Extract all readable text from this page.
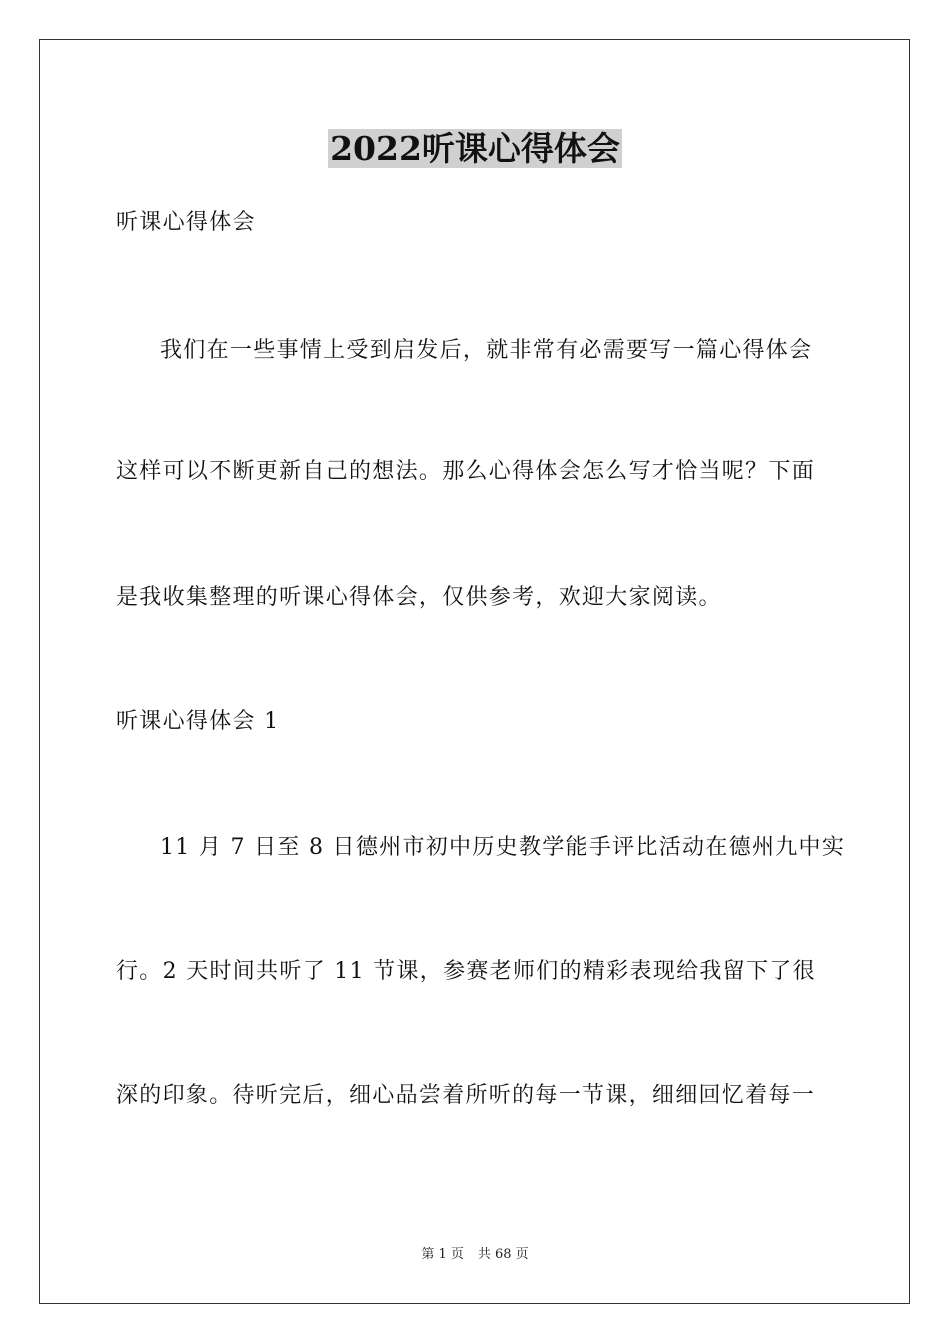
2022听课心得体会
听课心得体会
我们在一些事情上受到启发后，就非常有必需要写一篇心得体会
这样可以不断更新自己的想法。那么心得体会怎么写才恰当呢？下面
是我收集整理的听课心得体会，仅供参考，欢迎大家阅读。
听课心得体会 1
11 月 7 日至 8 日德州市初中历史教学能手评比活动在德州九中实
行。2 天时间共听了 11 节课，参赛老师们的精彩表现给我留下了很
深的印象。待听完后，细心品尝着所听的每一节课，细细回忆着每一
第 1 页 共 68 页
